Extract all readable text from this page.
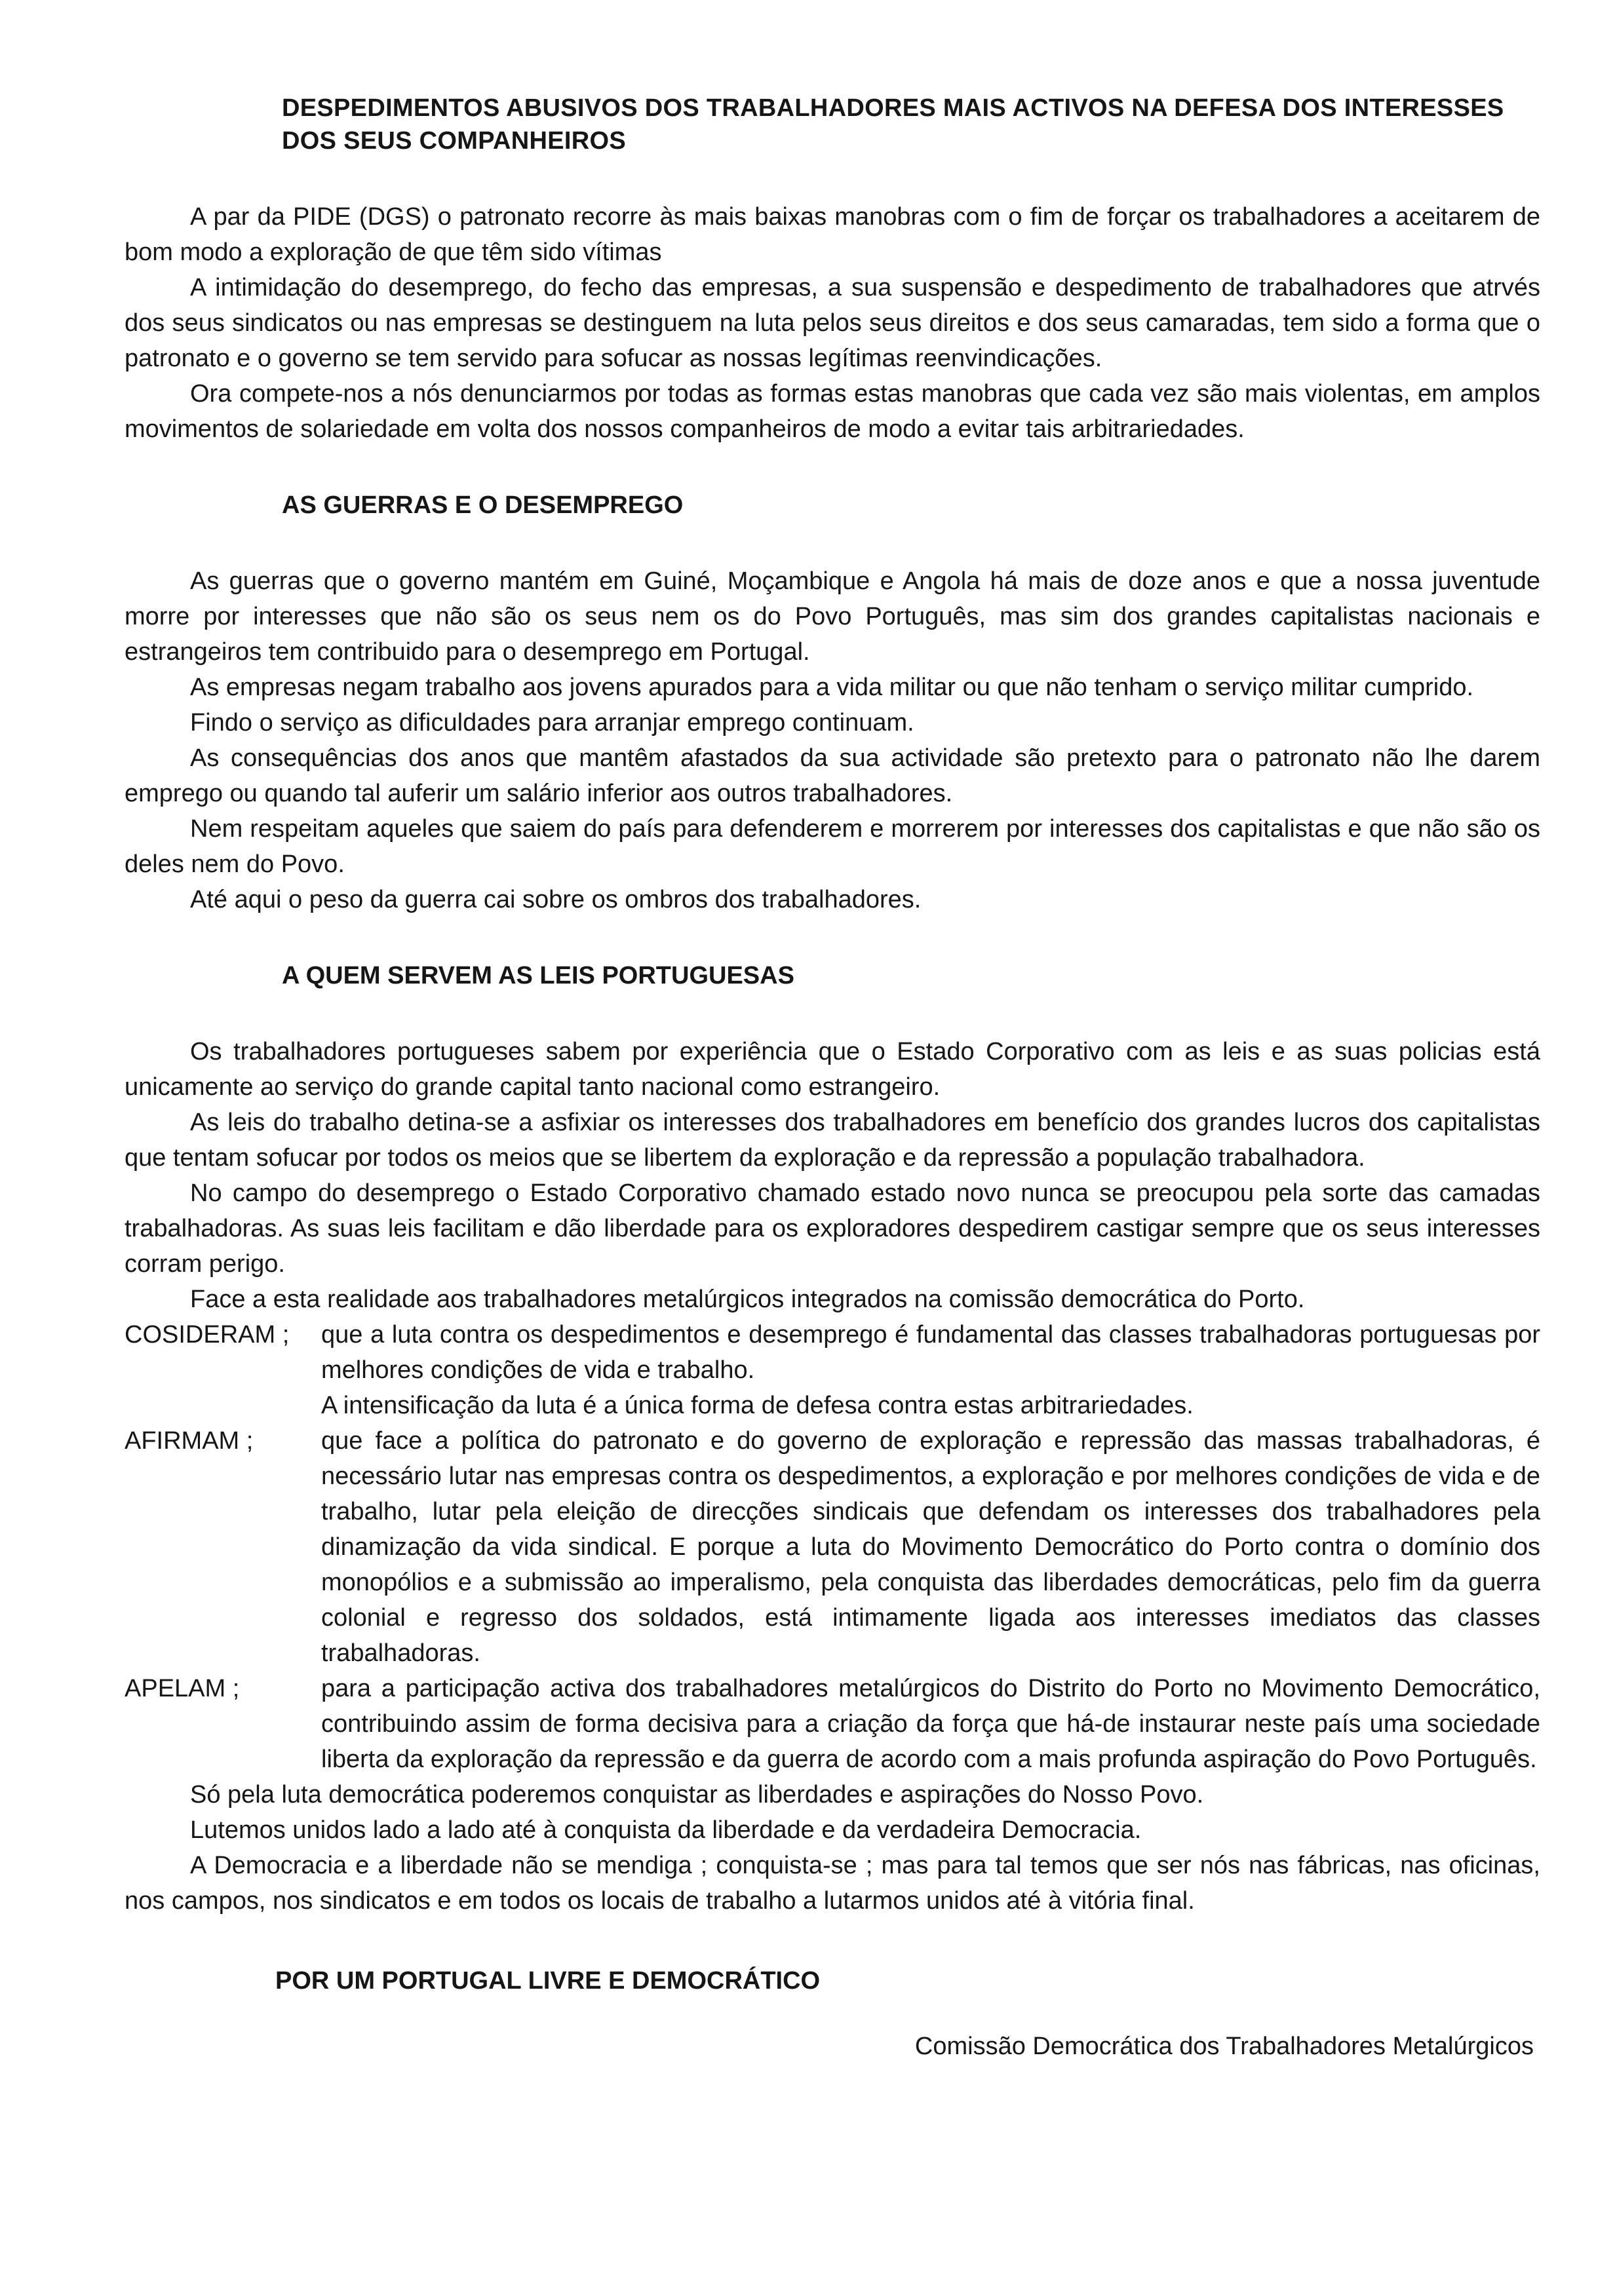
DESPEDIMENTOS ABUSIVOS DOS TRABALHADORES MAIS ACTIVOS NA DEFESA DOS INTERESSES DOS SEUS COMPANHEIROS

A par da PIDE (DGS) o patronato recorre às mais baixas manobras com o fim de forçar os trabalhadores a aceitarem de bom modo a exploração de que têm sido vítimas

A intimidação do desemprego, do fecho das empresas, a sua suspensão e despedimento de trabalhadores que atrvés dos seus sindicatos ou nas empresas se destinguem na luta pelos seus direitos e dos seus camaradas, tem sido a forma que o patronato e o governo se tem servido para sofucar as nossas legítimas reenvindicações.

Ora compete-nos a nós denunciarmos por todas as formas estas manobras que cada vez são mais violentas, em amplos movimentos de solariedade em volta dos nossos companheiros de modo a evitar tais arbitrariedades.

AS GUERRAS E O DESEMPREGO

As guerras que o governo mantém em Guiné, Moçambique e Angola há mais de doze anos e que a nossa juventude morre por interesses que não são os seus nem os do Povo Português, mas sim dos grandes capitalistas nacionais e estrangeiros tem contribuido para o desemprego em Portugal.

As empresas negam trabalho aos jovens apurados para a vida militar ou que não tenham o serviço militar cumprido.

Findo o serviço as dificuldades para arranjar emprego continuam.

As consequências dos anos que mantêm afastados da sua actividade são pretexto para o patronato não lhe darem emprego ou quando tal auferir um salário inferior aos outros trabalhadores.

Nem respeitam aqueles que saiem do país para defenderem e morrerem por interesses dos capitalistas e que não são os deles nem do Povo.

Até aqui o peso da guerra cai sobre os ombros dos trabalhadores.

A QUEM SERVEM AS LEIS PORTUGUESAS

Os trabalhadores portugueses sabem por experiência que o Estado Corporativo com as leis e as suas policias está unicamente ao serviço do grande capital tanto nacional como estrangeiro.

As leis do trabalho detina-se a asfixiar os interesses dos trabalhadores em benefício dos grandes lucros dos capitalistas que tentam sofucar por todos os meios que se libertem da exploração e da repressão a população trabalhadora.

No campo do desemprego o Estado Corporativo chamado estado novo nunca se preocupou pela sorte das camadas trabalhadoras. As suas leis facilitam e dão liberdade para os exploradores despedirem castigar sempre que os seus interesses corram perigo.

Face a esta realidade aos trabalhadores metalúrgicos integrados na comissão democrática do Porto.

COSIDERAM ;	que a luta contra os despedimentos e desemprego é fundamental das classes trabalhadoras portuguesas por melhores condições de vida e trabalho.

A intensificação da luta é a única forma de defesa contra estas arbitrariedades.

AFIRMAM ;	que face a política do patronato e do governo de exploração e repressão das massas trabalhadoras, é necessário lutar nas empresas contra os despedimentos, a exploração e por melhores condições de vida e de trabalho, lutar pela eleição de direcções sindicais que defendam os interesses dos trabalhadores pela dinamização da vida sindical. E porque a luta do Movimento Democrático do Porto contra o domínio dos monopólios e a submissão ao imperalismo, pela conquista das liberdades democráticas, pelo fim da guerra colonial e regresso dos soldados, está intimamente ligada aos interesses imediatos das classes trabalhadoras.

APELAM ;	para a participação activa dos trabalhadores metalúrgicos do Distrito do Porto no Movimento Democrático, contribuindo assim de forma decisiva para a criação da força que há-de instaurar neste país uma sociedade liberta da exploração da repressão e da guerra de acordo com a mais profunda aspiração do Povo Português.

Só pela luta democrática poderemos conquistar as liberdades e aspirações do Nosso Povo.

Lutemos unidos lado a lado até à conquista da liberdade e da verdadeira Democracia.

A Democracia e a liberdade não se mendiga ; conquista-se ; mas para tal temos que ser nós nas fábricas, nas oficinas, nos campos, nos sindicatos e em todos os locais de trabalho a lutarmos unidos até à vitória final.

POR UM PORTUGAL LIVRE E DEMOCRÁTICO
Comissão Democrática dos Trabalhadores Metalúrgicos
